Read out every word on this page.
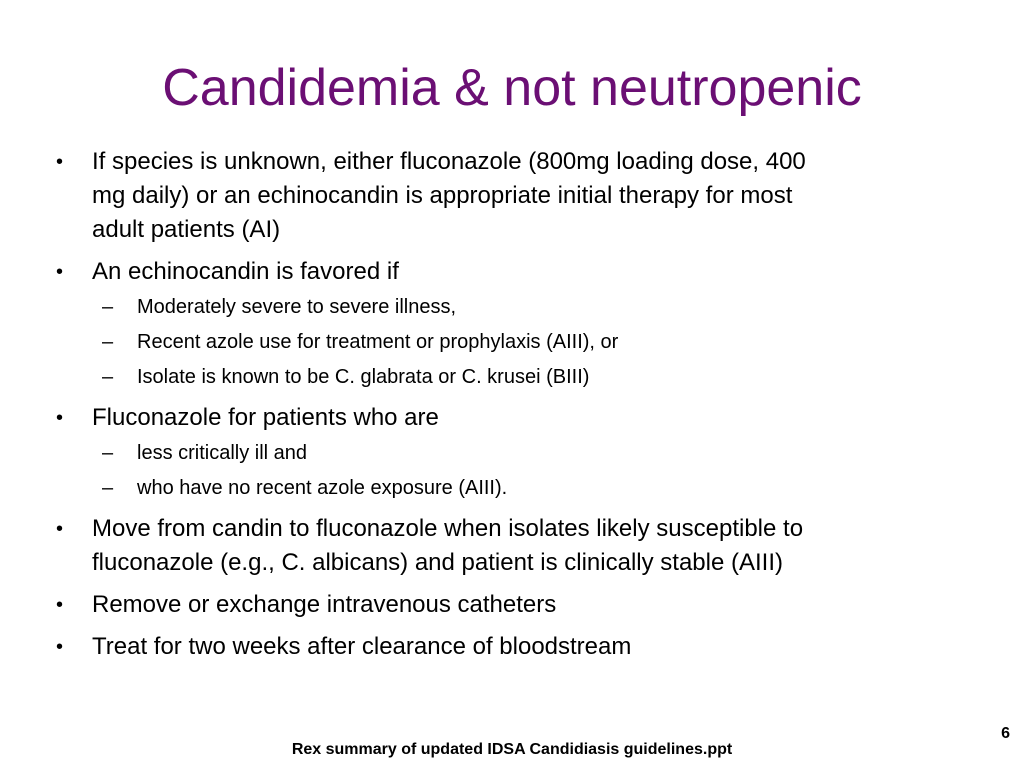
Candidemia & not neutropenic
•	If species is unknown, either fluconazole (800mg loading dose, 400
mg daily) or an echinocandin is appropriate initial therapy for most
adult patients (AI)
•	An echinocandin is favored if
– Moderately severe to severe illness,
– Recent azole use for treatment or prophylaxis (AIII), or
– Isolate is known to be C. glabrata or C. krusei (BIII)
•	Fluconazole for patients who are
– less critically ill and
– who have no recent azole exposure (AIII).
•	Move from candin to fluconazole when isolates likely susceptible to
fluconazole (e.g., C. albicans) and patient is clinically stable (AIII)
•	Remove or exchange intravenous catheters
•	Treat for two weeks after clearance of bloodstream
6
Rex summary of updated IDSA Candidiasis guidelines.ppt
